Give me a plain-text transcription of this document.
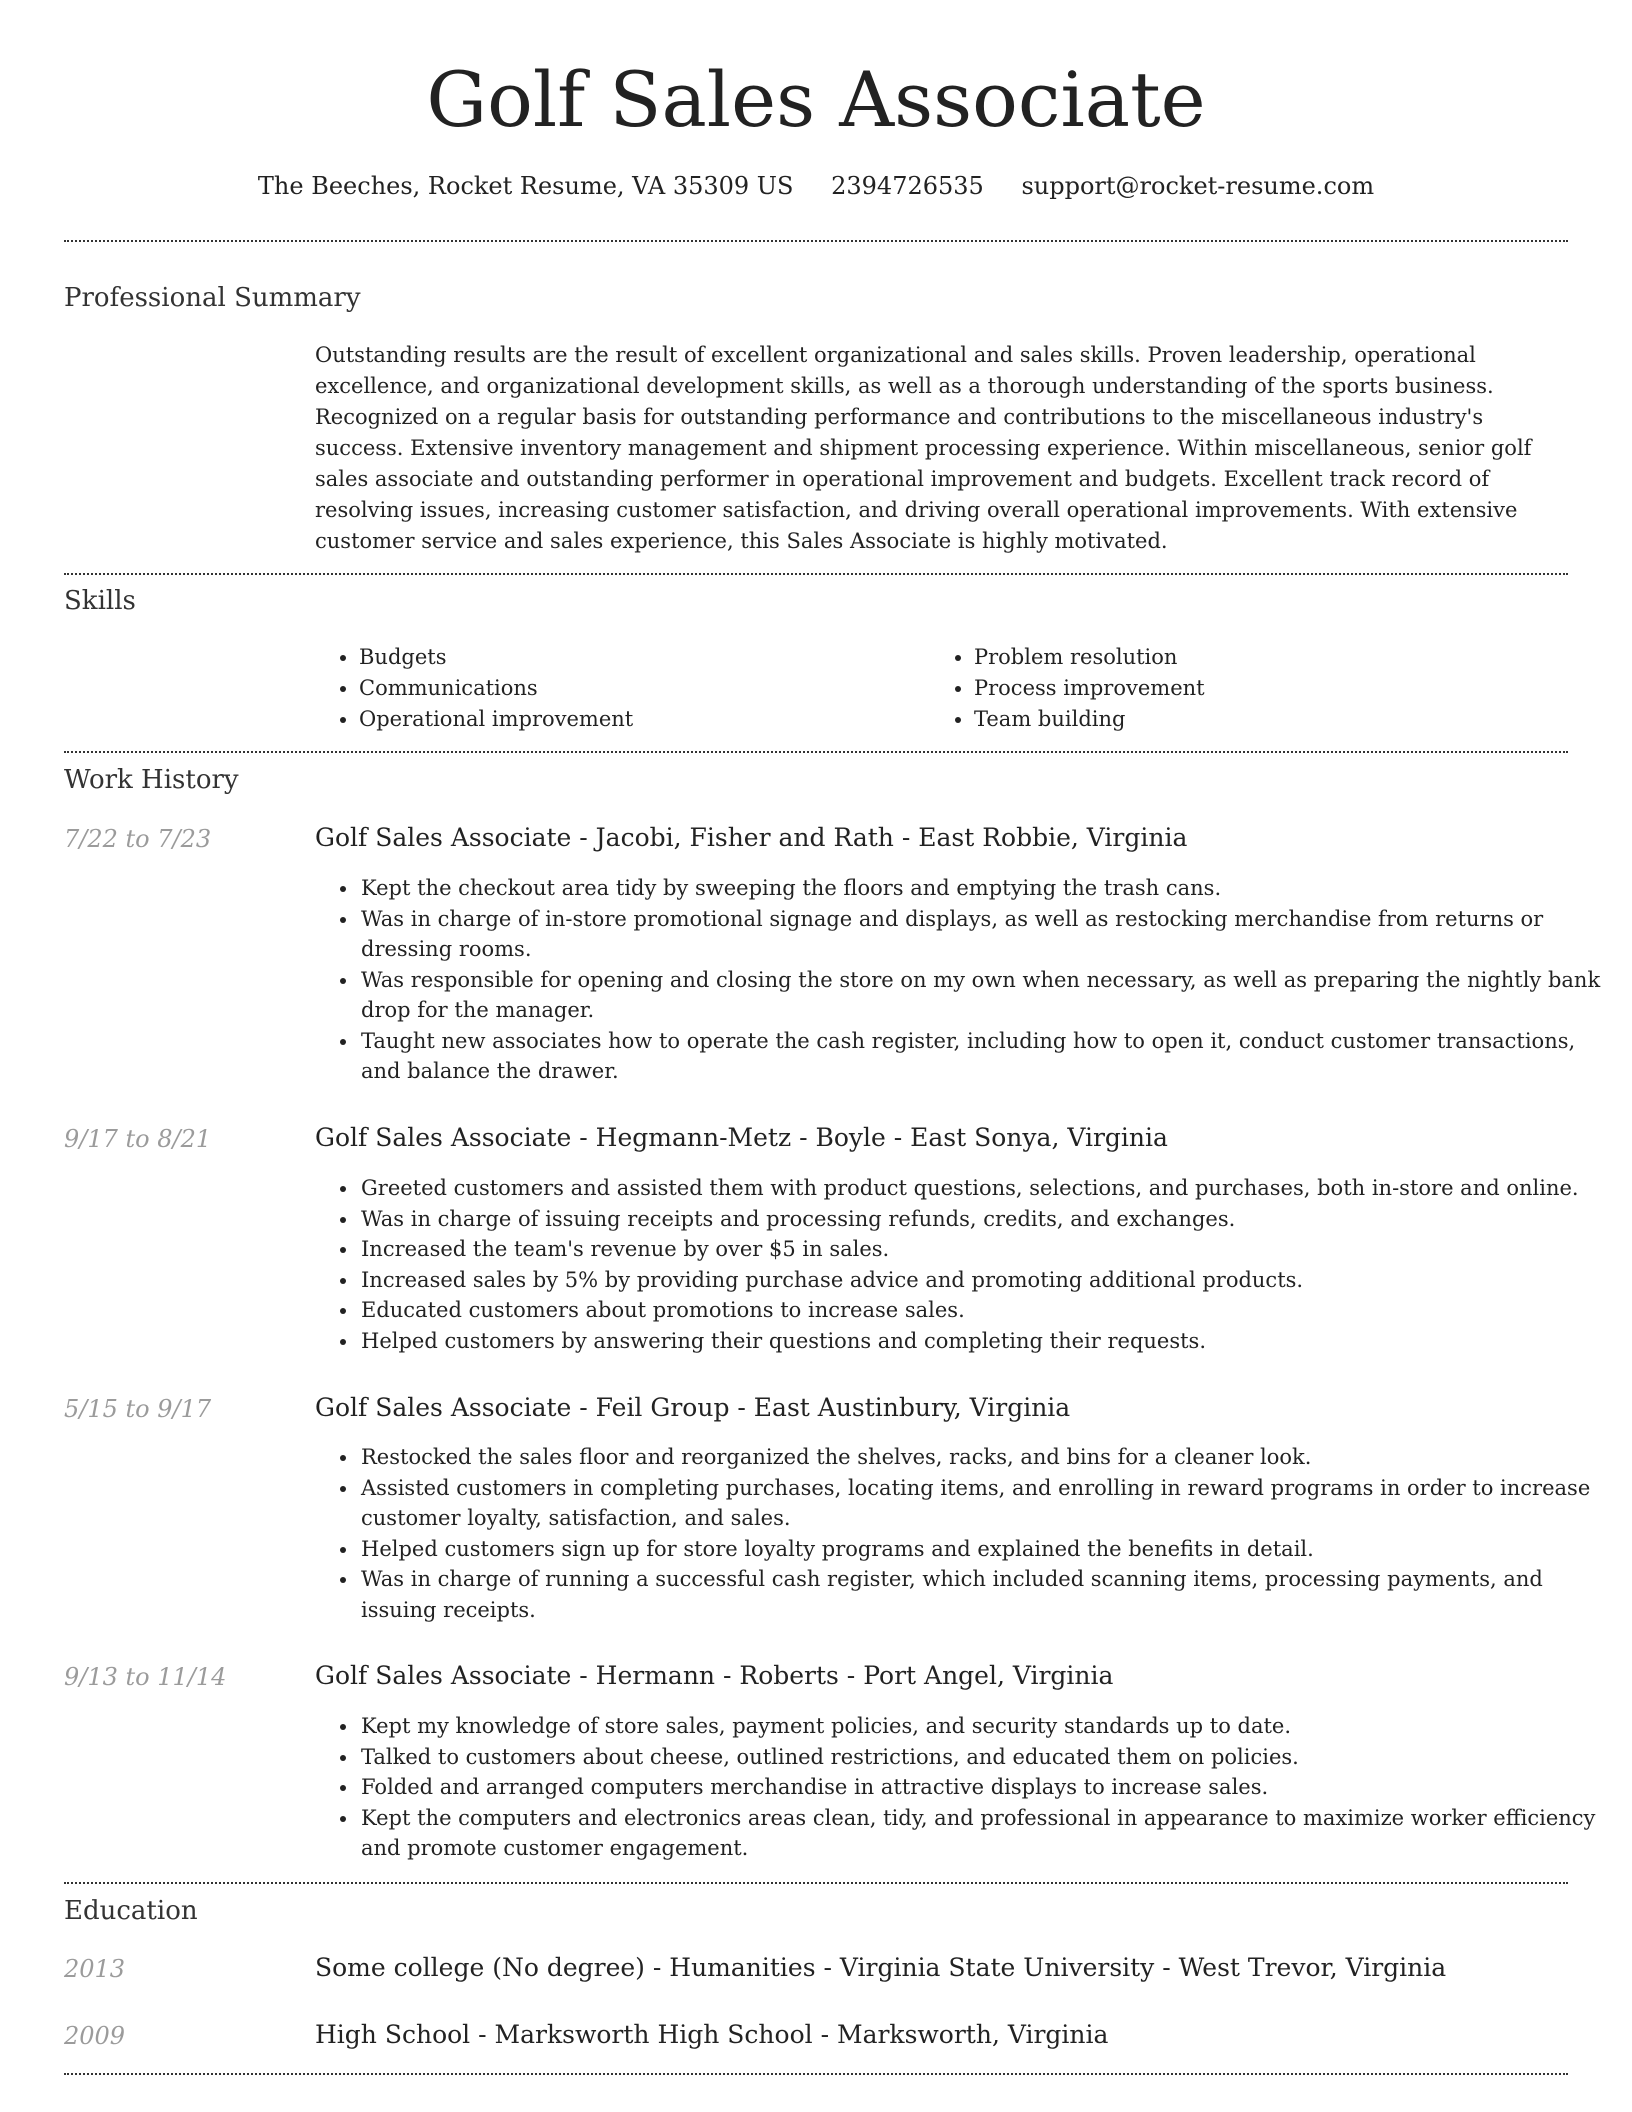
Golf Sales Associate
The Beeches, Rocket Resume, VA 35309 US 2394726535 support@rocket-resume.com
Professional Summary

Outstanding results are the result of excellent organizational and sales skills. Proven leadership, operational excellence, and organizational development skills, as well as a thorough understanding of the sports business. Recognized on a regular basis for outstanding performance and contributions to the miscellaneous industry's success. Extensive inventory management and shipment processing experience. Within miscellaneous, senior golf sales associate and outstanding performer in operational improvement and budgets. Excellent track record of resolving issues, increasing customer satisfaction, and driving overall operational improvements. With extensive customer service and sales experience, this Sales Associate is highly motivated.

Skills
• Budgets
• Communications
• Operational improvement
• Problem resolution
• Process improvement
• Team building
Work History
7/22 to 7/23	Golf Sales Associate - Jacobi, Fisher and Rath - East Robbie, Virginia
• Kept the checkout area tidy by sweeping the floors and emptying the trash cans.
• Was in charge of in-store promotional signage and displays, as well as restocking merchandise from returns or dressing rooms.
• Was responsible for opening and closing the store on my own when necessary, as well as preparing the nightly bank drop for the manager.
• Taught new associates how to operate the cash register, including how to open it, conduct customer transactions, and balance the drawer.
9/17 to 8/21	Golf Sales Associate - Hegmann-Metz - Boyle - East Sonya, Virginia
• Greeted customers and assisted them with product questions, selections, and purchases, both in-store and online.
• Was in charge of issuing receipts and processing refunds, credits, and exchanges.
• Increased the team's revenue by over $5 in sales.
• Increased sales by 5% by providing purchase advice and promoting additional products.
• Educated customers about promotions to increase sales.
• Helped customers by answering their questions and completing their requests.
5/15 to 9/17	Golf Sales Associate - Feil Group - East Austinbury, Virginia
• Restocked the sales floor and reorganized the shelves, racks, and bins for a cleaner look.
• Assisted customers in completing purchases, locating items, and enrolling in reward programs in order to increase customer loyalty, satisfaction, and sales.
• Helped customers sign up for store loyalty programs and explained the benefits in detail.
• Was in charge of running a successful cash register, which included scanning items, processing payments, and issuing receipts.
9/13 to 11/14	Golf Sales Associate - Hermann - Roberts - Port Angel, Virginia
• Kept my knowledge of store sales, payment policies, and security standards up to date.
• Talked to customers about cheese, outlined restrictions, and educated them on policies.
• Folded and arranged computers merchandise in attractive displays to increase sales.
• Kept the computers and electronics areas clean, tidy, and professional in appearance to maximize worker efficiency and promote customer engagement.
Education
2013	Some college (No degree) - Humanities - Virginia State University - West Trevor, Virginia
2009	High School - Marksworth High School - Marksworth, Virginia
